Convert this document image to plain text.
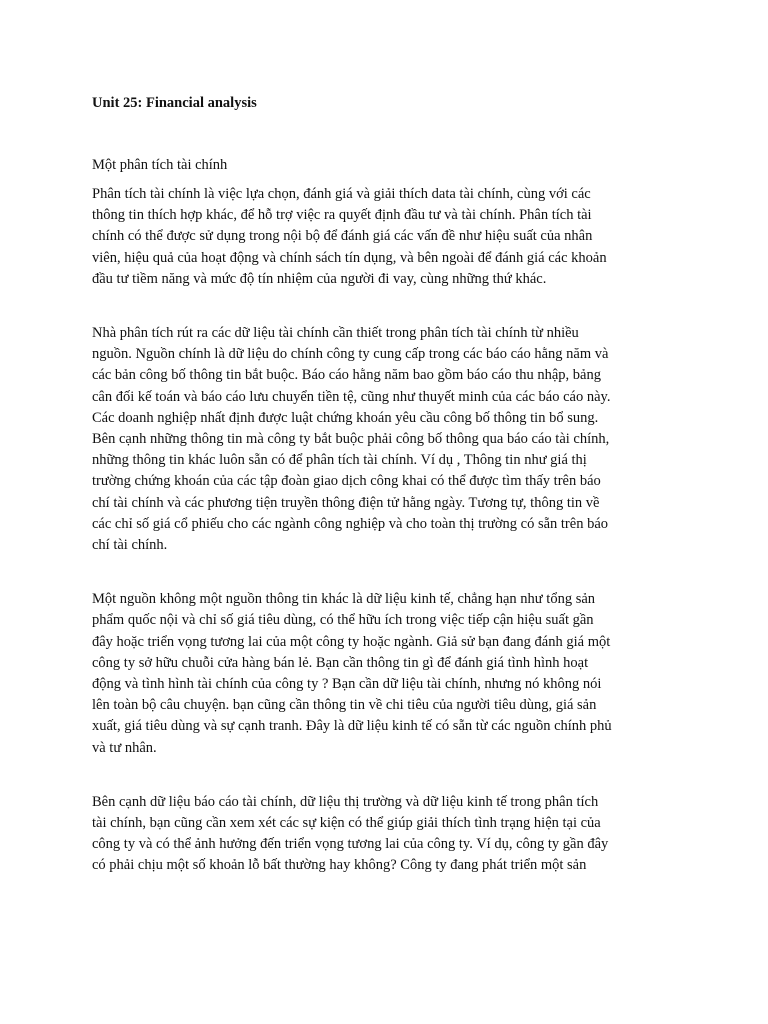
Unit 25: Financial analysis

Một phân tích tài chính

Phân tích tài chính là việc lựa chọn, đánh giá và giải thích data tài chính, cùng với các
thông tin thích hợp khác, để hỗ trợ việc ra quyết định đầu tư và tài chính. Phân tích tài
chính có thể được sử dụng trong nội bộ để đánh giá các vấn đề như hiệu suất của nhân
viên, hiệu quả của hoạt động và chính sách tín dụng, và bên ngoài để đánh giá các khoản
đầu tư tiềm năng và mức độ tín nhiệm của người đi vay, cùng những thứ khác.

Nhà phân tích rút ra các dữ liệu tài chính cần thiết trong phân tích tài chính từ nhiều
nguồn. Nguồn chính là dữ liệu do chính công ty cung cấp trong các báo cáo hằng năm và
các bản công bố thông tin bắt buộc. Báo cáo hằng năm bao gồm báo cáo thu nhập, bảng
cân đối kế toán và báo cáo lưu chuyển tiền tệ, cũng như thuyết minh của các báo cáo này.
Các doanh nghiệp nhất định được luật chứng khoán yêu cầu công bố thông tin bổ sung.
Bên cạnh những thông tin mà công ty bắt buộc phải công bố thông qua báo cáo tài chính,
những thông tin khác luôn sẵn có để phân tích tài chính. Ví dụ , Thông tin như giá thị
trường chứng khoán của các tập đoàn giao dịch công khai có thể được tìm thấy trên báo
chí tài chính và các phương tiện truyền thông điện tử hằng ngày. Tương tự, thông tin về
các chỉ số giá cổ phiếu cho các ngành công nghiệp và cho toàn thị trường có sẵn trên báo
chí tài chính.

Một nguồn không một nguồn thông tin khác là dữ liệu kinh tế, chẳng hạn như tổng sản
phẩm quốc nội và chỉ số giá tiêu dùng, có thể hữu ích trong việc tiếp cận hiệu suất gần
đây hoặc triển vọng tương lai của một công ty hoặc ngành. Giả sử bạn đang đánh giá một
công ty sở hữu chuỗi cửa hàng bán lẻ. Bạn cần thông tin gì để đánh giá tình hình hoạt
động và tình hình tài chính của công ty ? Bạn cần dữ liệu tài chính, nhưng nó không nói
lên toàn bộ câu chuyện. bạn cũng cần thông tin về chi tiêu của người tiêu dùng, giá sản
xuất, giá tiêu dùng và sự cạnh tranh. Đây là dữ liệu kinh tế có sẵn từ các nguồn chính phủ
và tư nhân.

Bên cạnh dữ liệu báo cáo tài chính, dữ liệu thị trường và dữ liệu kinh tế trong phân tích
tài chính, bạn cũng cần xem xét các sự kiện có thể giúp giải thích tình trạng hiện tại của
công ty và có thể ảnh hưởng đến triển vọng tương lai của công ty. Ví dụ, công ty gần đây
có phải chịu một số khoản lỗ bất thường hay không? Công ty đang phát triển một sản
